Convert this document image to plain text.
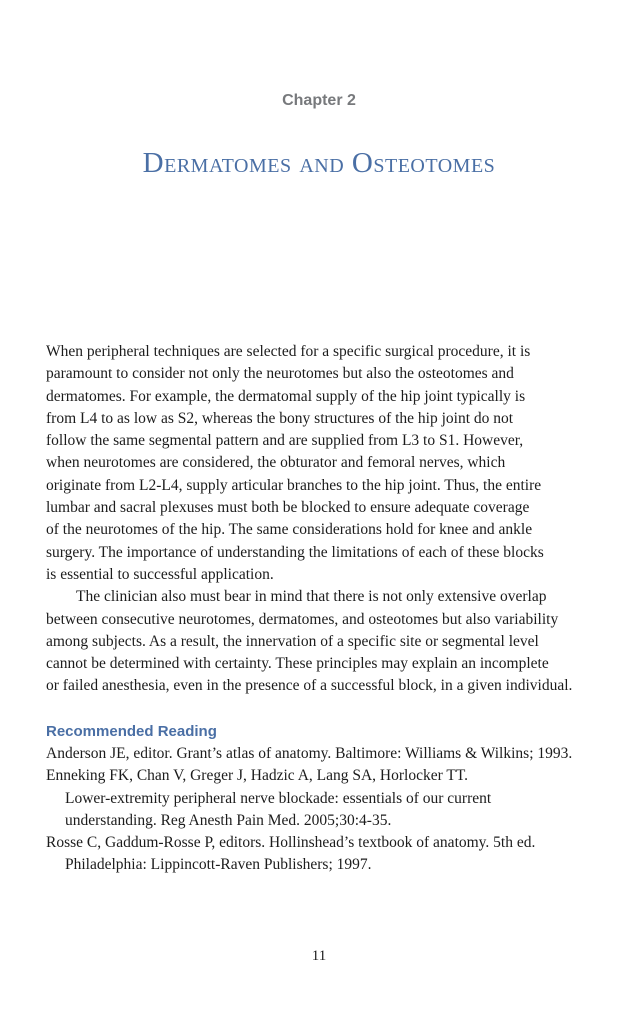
Chapter 2
Dermatomes and Osteotomes
When peripheral techniques are selected for a specific surgical procedure, it is
paramount to consider not only the neurotomes but also the osteotomes and
dermatomes. For example, the dermatomal supply of the hip joint typically is
from L4 to as low as S2, whereas the bony structures of the hip joint do not
follow the same segmental pattern and are supplied from L3 to S1. However,
when neurotomes are considered, the obturator and femoral nerves, which
originate from L2-L4, supply articular branches to the hip joint. Thus, the entire
lumbar and sacral plexuses must both be blocked to ensure adequate coverage
of the neurotomes of the hip. The same considerations hold for knee and ankle
surgery. The importance of understanding the limitations of each of these blocks
is essential to successful application.
The clinician also must bear in mind that there is not only extensive overlap
between consecutive neurotomes, dermatomes, and osteotomes but also variability
among subjects. As a result, the innervation of a specific site or segmental level
cannot be determined with certainty. These principles may explain an incomplete
or failed anesthesia, even in the presence of a successful block, in a given individual.
Recommended Reading
Anderson JE, editor. Grant’s atlas of anatomy. Baltimore: Williams & Wilkins; 1993.
Enneking FK, Chan V, Greger J, Hadzic A, Lang SA, Horlocker TT.
Lower-extremity peripheral nerve blockade: essentials of our current
understanding. Reg Anesth Pain Med. 2005;30:4-35.
Rosse C, Gaddum-Rosse P, editors. Hollinshead’s textbook of anatomy. 5th ed.
Philadelphia: Lippincott-Raven Publishers; 1997.
11
